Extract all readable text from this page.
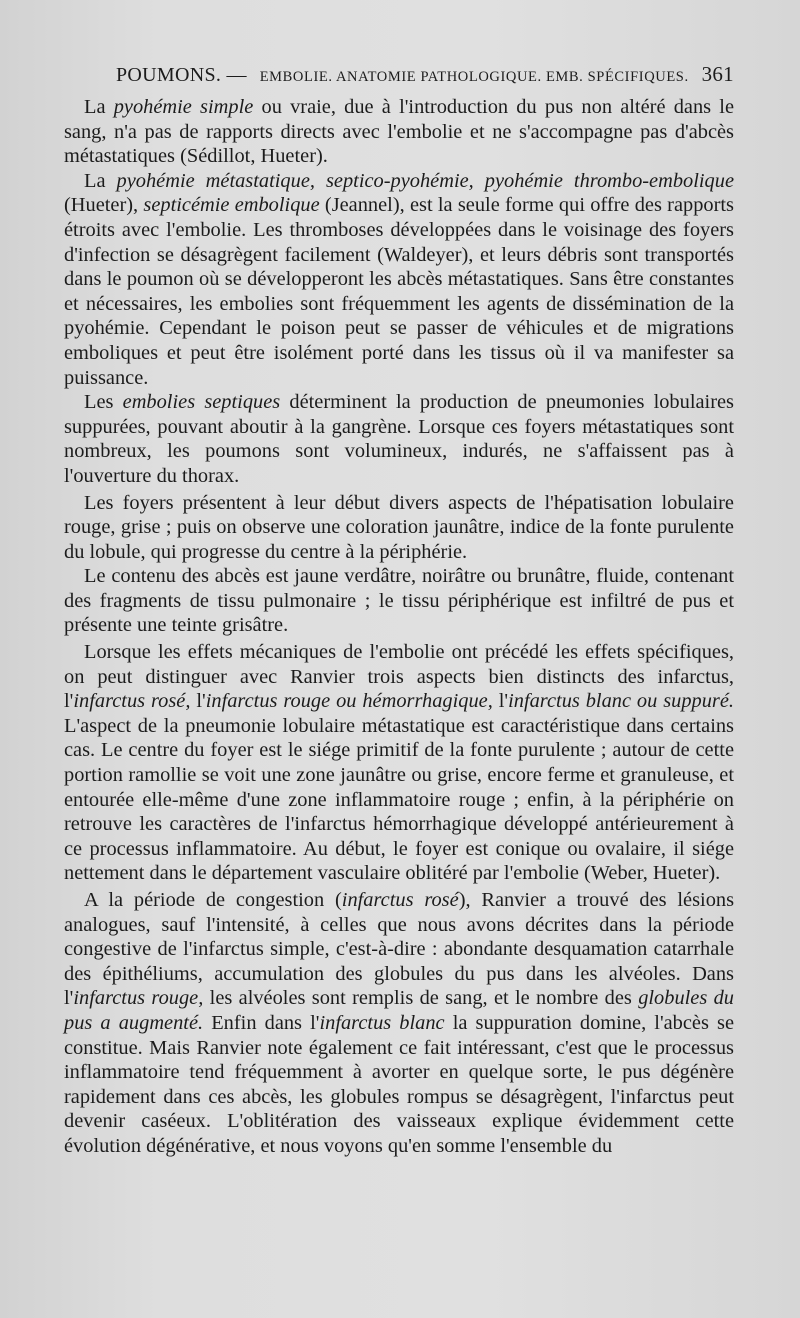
POUMONS. — EMBOLIE. ANATOMIE PATHOLOGIQUE. EMB. SPÉCIFIQUES. 361

La pyohémie simple ou vraie, due à l'introduction du pus non altéré dans le sang, n'a pas de rapports directs avec l'embolie et ne s'accompagne pas d'abcès métastatiques (Sédillot, Hueter).

La pyohémie métastatique, septico-pyohémie, pyohémie thrombo-embolique (Hueter), septicémie embolique (Jeannel), est la seule forme qui offre des rapports étroits avec l'embolie. Les thromboses développées dans le voisinage des foyers d'infection se désagrègent facilement (Waldeyer), et leurs débris sont transportés dans le poumon où se développeront les abcès métastatiques. Sans être constantes et nécessaires, les embolies sont fréquemment les agents de dissémination de la pyohémie. Cependant le poison peut se passer de véhicules et de migrations emboliques et peut être isolément porté dans les tissus où il va manifester sa puissance.

Les embolies septiques déterminent la production de pneumonies lobulaires suppurées, pouvant aboutir à la gangrène. Lorsque ces foyers métastatiques sont nombreux, les poumons sont volumineux, indurés, ne s'affaissent pas à l'ouverture du thorax.

Les foyers présentent à leur début divers aspects de l'hépatisation lobulaire rouge, grise ; puis on observe une coloration jaunâtre, indice de la fonte purulente du lobule, qui progresse du centre à la périphérie.

Le contenu des abcès est jaune verdâtre, noirâtre ou brunâtre, fluide, contenant des fragments de tissu pulmonaire ; le tissu périphérique est infiltré de pus et présente une teinte grisâtre.

Lorsque les effets mécaniques de l'embolie ont précédé les effets spécifiques, on peut distinguer avec Ranvier trois aspects bien distincts des infarctus, l'infarctus rosé, l'infarctus rouge ou hémorrhagique, l'infarctus blanc ou suppuré. L'aspect de la pneumonie lobulaire métastatique est caractéristique dans certains cas. Le centre du foyer est le siége primitif de la fonte purulente ; autour de cette portion ramollie se voit une zone jaunâtre ou grise, encore ferme et granuleuse, et entourée elle-même d'une zone inflammatoire rouge ; enfin, à la périphérie on retrouve les caractères de l'infarctus hémorrhagique développé antérieurement à ce processus inflammatoire. Au début, le foyer est conique ou ovalaire, il siége nettement dans le département vasculaire oblitéré par l'embolie (Weber, Hueter).

A la période de congestion (infarctus rosé), Ranvier a trouvé des lésions analogues, sauf l'intensité, à celles que nous avons décrites dans la période congestive de l'infarctus simple, c'est-à-dire : abondante desquamation catarrhale des épithéliums, accumulation des globules du pus dans les alvéoles. Dans l'infarctus rouge, les alvéoles sont remplis de sang, et le nombre des globules du pus a augmenté. Enfin dans l'infarctus blanc la suppuration domine, l'abcès se constitue. Mais Ranvier note également ce fait intéressant, c'est que le processus inflammatoire tend fréquemment à avorter en quelque sorte, le pus dégénère rapidement dans ces abcès, les globules rompus se désagrègent, l'infarctus peut devenir caséeux. L'oblitération des vaisseaux explique évidemment cette évolution dégénérative, et nous voyons qu'en somme l'ensemble du
